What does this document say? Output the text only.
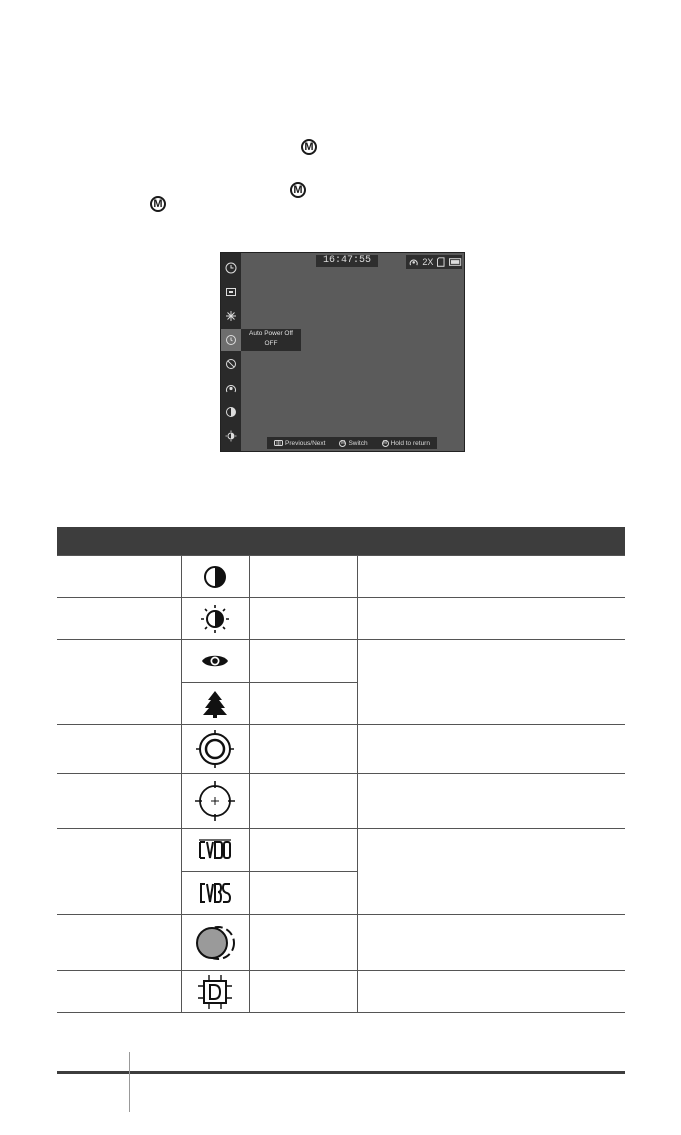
M
M
M
16:47:55	2X
Auto Power Off
OFF
Previous/Next	M Switch	M Hold to return
